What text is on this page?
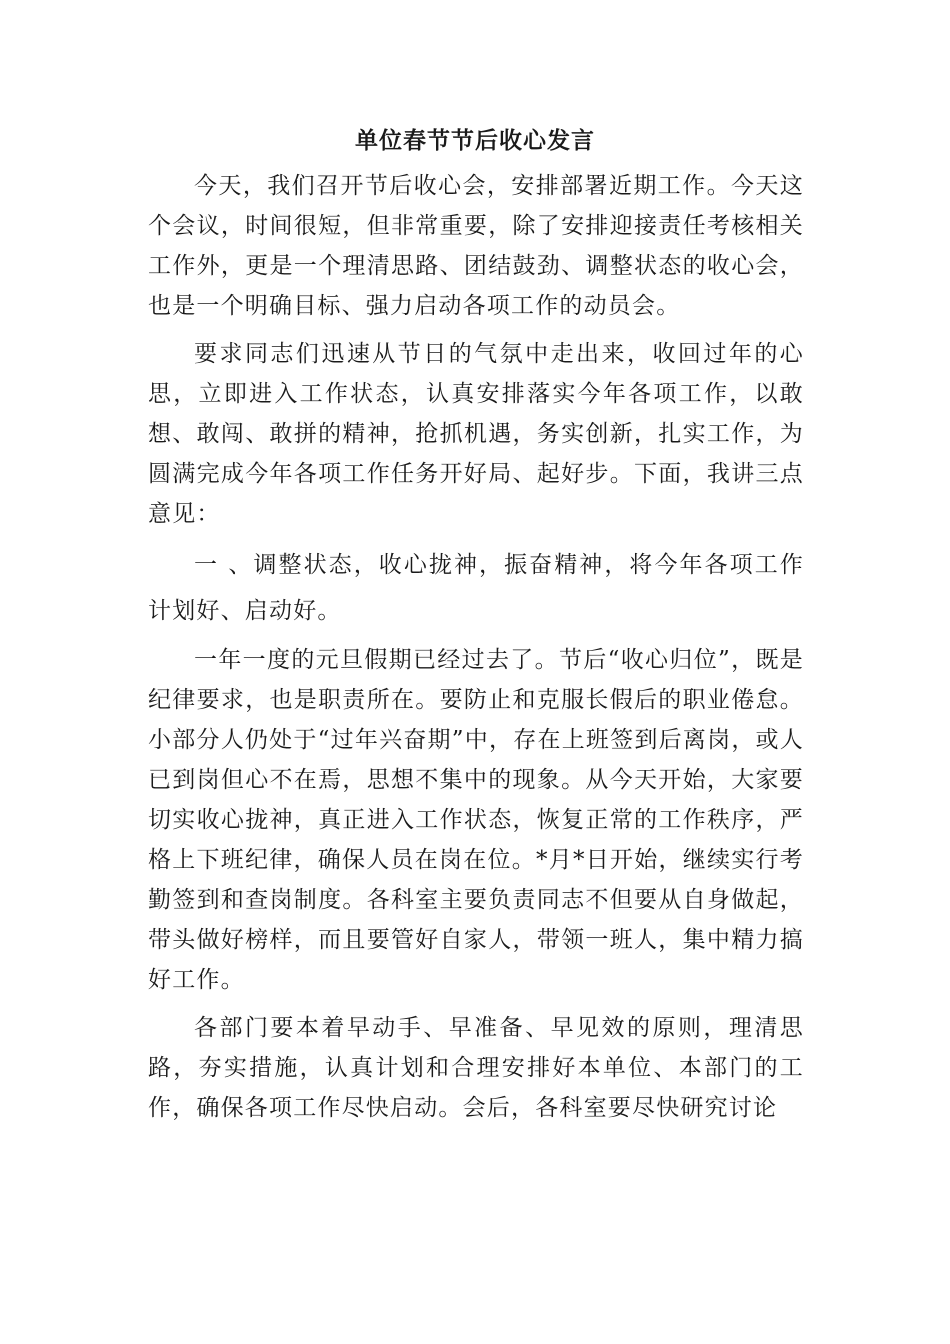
单位春节节后收心发言

今天，我们召开节后收心会，安排部署近期工作。今天这个会议，时间很短，但非常重要，除了安排迎接责任考核相关工作外，更是一个理清思路、团结鼓劲、调整状态的收心会，也是一个明确目标、强力启动各项工作的动员会。

要求同志们迅速从节日的气氛中走出来，收回过年的心思，立即进入工作状态，认真安排落实今年各项工作，以敢想、敢闯、敢拼的精神，抢抓机遇，务实创新，扎实工作，为圆满完成今年各项工作任务开好局、起好步。下面，我讲三点意见：

一 、调整状态，收心拢神，振奋精神，将今年各项工作计划好、启动好。

一年一度的元旦假期已经过去了。节后“收心归位”，既是纪律要求，也是职责所在。要防止和克服长假后的职业倦怠。小部分人仍处于“过年兴奋期”中，存在上班签到后离岗，或人已到岗但心不在焉，思想不集中的现象。从今天开始，大家要切实收心拢神，真正进入工作状态，恢复正常的工作秩序，严格上下班纪律，确保人员在岗在位。*月*日开始，继续实行考勤签到和查岗制度。各科室主要负责同志不但要从自身做起，带头做好榜样，而且要管好自家人，带领一班人，集中精力搞好工作。

各部门要本着早动手、早准备、早见效的原则，理清思路，夯实措施，认真计划和合理安排好本单位、本部门的工作，确保各项工作尽快启动。会后，各科室要尽快研究讨论
